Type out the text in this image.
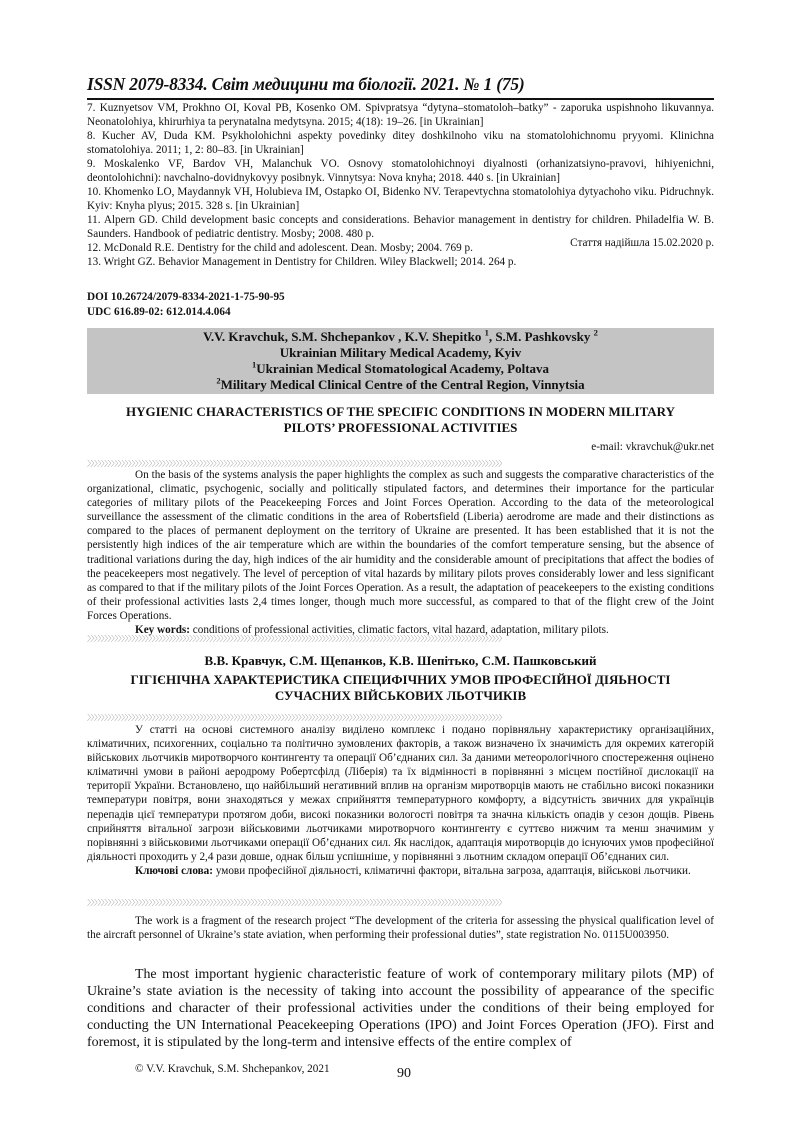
ISSN 2079-8334. Світ медицини та біології. 2021. № 1 (75)

7. Kuznyetsov VM, Prokhno OI, Koval PB, Kosenko OM. Spivpratsya “dytyna–stomatoloh–batky” - zaporuka uspishnoho likuvannya. Neonatolohiya, khirurhiya ta perynatalna medytsyna. 2015; 4(18): 19–26. [in Ukrainian]

8. Kucher AV, Duda KM. Psykholohichni aspekty povedinky ditey doshkilnoho viku na stomatolohichnomu pryyomi. Klinichna stomatolohiya. 2011; 1, 2: 80–83. [in Ukrainian]

9. Moskalenko VF, Bardov VH, Malanchuk VO. Osnovy stomatolohichnoyi diyalnosti (orhanizatsiyno-pravovi, hihiyenichni, deontolohichni): navchalno-dovidnykovyy posibnyk. Vinnytsya: Nova knyha; 2018. 440 s. [in Ukrainian]

10. Khomenko LO, Maydannyk VH, Holubieva IM, Ostapko OI, Bidenko NV. Terapevtychna stomatolohiya dytyachoho viku. Pidruchnyk. Kyiv: Knyha plyus; 2015. 328 s. [in Ukrainian]

11. Alpern GD. Child development basic concepts and considerations. Behavior management in dentistry for children. Philadelfia W. B. Saunders. Handbook of pediatric dentistry. Mosby; 2008. 480 p.

12. McDonald R.E. Dentistry for the child and adolescent. Dean. Mosby; 2004. 769 p.

13. Wright GZ. Behavior Management in Dentistry for Children. Wiley Blackwell; 2014. 264 p.

Стаття надійшла 15.02.2020 р.
DOI 10.26724/2079-8334-2021-1-75-90-95
UDC 616.89-02: 612.014.4.064
V.V. Kravchuk, S.M. Shchepankov , K.V. Shepitko $^1$, S.M. Pashkovsky $^2$
Ukrainian Military Medical Academy, Kyiv
$^1$Ukrainian Medical Stomatological Academy, Poltava
$^2$Military Medical Clinical Centre of the Central Region, Vinnytsia
HYGIENIC CHARACTERISTICS OF THE SPECIFIC CONDITIONS IN MODERN MILITARY
PILOTS’ PROFESSIONAL ACTIVITIES
e-mail: vkravchuk@ukr.net
〉〉〉〉〉〉〉〉〉〉〉〉〉〉〉〉〉〉〉〉〉〉〉〉〉〉〉〉〉〉〉〉〉〉〉〉〉〉〉〉〉〉〉〉〉〉〉〉〉〉〉〉〉〉〉〉〉〉〉〉〉〉〉〉〉〉〉〉〉〉〉〉〉〉〉〉〉〉〉〉〉〉〉〉〉〉〉〉〉〉〉〉〉〉〉〉〉〉〉〉〉〉〉〉〉〉〉〉〉〉〉〉〉〉〉〉〉〉〉〉〉〉

On the basis of the systems analysis the paper highlights the complex as such and suggests the comparative characteristics of the organizational, climatic, psychogenic, socially and politically stipulated factors, and determines their importance for the particular categories of military pilots of the Peacekeeping Forces and Joint Forces Operation. According to the data of the meteorological surveillance the assessment of the climatic conditions in the area of Robertsfield (Liberia) aerodrome are made and their distinctions as compared to the places of permanent deployment on the territory of Ukraine are presented. It has been established that it is not the persistently high indices of the air temperature which are within the boundaries of the comfort temperature sensing, but the absence of traditional variations during the day, high indices of the air humidity and the considerable amount of precipitations that affect the bodies of the peacekeepers most negatively. The level of perception of vital hazards by military pilots proves considerably lower and less significant as compared to that if the military pilots of the Joint Forces Operation. As a result, the adaptation of peacekeepers to the existing conditions of their professional activities lasts 2,4 times longer, though much more successful, as compared to that of the flight crew of the Joint Forces Operations.

Key words: conditions of professional activities, climatic factors, vital hazard, adaptation, military pilots.

〉〉〉〉〉〉〉〉〉〉〉〉〉〉〉〉〉〉〉〉〉〉〉〉〉〉〉〉〉〉〉〉〉〉〉〉〉〉〉〉〉〉〉〉〉〉〉〉〉〉〉〉〉〉〉〉〉〉〉〉〉〉〉〉〉〉〉〉〉〉〉〉〉〉〉〉〉〉〉〉〉〉〉〉〉〉〉〉〉〉〉〉〉〉〉〉〉〉〉〉〉〉〉〉〉〉〉〉〉〉〉〉〉〉〉〉〉〉〉〉〉〉
В.В. Кравчук, С.М. Щепанков, К.В. Шепітько, С.М. Пашковський
ГІГІЄНІЧНА ХАРАКТЕРИСТИКА СПЕЦИФІЧНИХ УМОВ ПРОФЕСІЙНОЇ ДІЯЬНОСТІ
СУЧАСНИХ ВІЙСЬКОВИХ ЛЬОТЧИКІВ
〉〉〉〉〉〉〉〉〉〉〉〉〉〉〉〉〉〉〉〉〉〉〉〉〉〉〉〉〉〉〉〉〉〉〉〉〉〉〉〉〉〉〉〉〉〉〉〉〉〉〉〉〉〉〉〉〉〉〉〉〉〉〉〉〉〉〉〉〉〉〉〉〉〉〉〉〉〉〉〉〉〉〉〉〉〉〉〉〉〉〉〉〉〉〉〉〉〉〉〉〉〉〉〉〉〉〉〉〉〉〉〉〉〉〉〉〉〉〉〉〉〉

У статті на основі системного аналізу виділено комплекс і подано порівняльну характеристику організаційних, кліматичних, психогенних, соціально та політично зумовлених факторів, а також визначено їх значимість для окремих категорій військових льотчиків миротворчого контингенту та операції Об’єднаних сил. За даними метеорологічного спостереження оцінено кліматичні умови в районі аеродрому Робертсфілд (Ліберія) та їх відмінності в порівнянні з місцем постійної дислокації на території України. Встановлено, що найбільший негативний вплив на організм миротворців мають не стабільно високі показники температури повітря, вони знаходяться у межах сприйняття температурного комфорту, а відсутність звичних для українців перепадів цієї температури протягом доби, високі показники вологості повітря та значна кількість опадів у сезон дощів. Рівень сприйняття вітальної загрози військовими льотчиками миротворчого контингенту є суттєво нижчим та менш значимим у порівнянні з військовими льотчиками операції Об’єднаних сил. Як наслідок, адаптація миротворців до існуючих умов професійної діяльності проходить у 2,4 рази довше, однак більш успішніше, у порівнянні з льотним складом операції Об’єднаних сил.

Ключові слова: умови професійної діяльності, кліматичні фактори, вітальна загроза, адаптація, військові льотчики.

〉〉〉〉〉〉〉〉〉〉〉〉〉〉〉〉〉〉〉〉〉〉〉〉〉〉〉〉〉〉〉〉〉〉〉〉〉〉〉〉〉〉〉〉〉〉〉〉〉〉〉〉〉〉〉〉〉〉〉〉〉〉〉〉〉〉〉〉〉〉〉〉〉〉〉〉〉〉〉〉〉〉〉〉〉〉〉〉〉〉〉〉〉〉〉〉〉〉〉〉〉〉〉〉〉〉〉〉〉〉〉〉〉〉〉〉〉〉〉〉〉〉

The work is a fragment of the research project “The development of the criteria for assessing the physical qualification level of the aircraft personnel of Ukraine’s state aviation, when performing their professional duties”, state registration No. 0115U003950.

The most important hygienic characteristic feature of work of contemporary military pilots (MP) of Ukraine’s state aviation is the necessity of taking into account the possibility of appearance of the specific conditions and character of their professional activities under the conditions of their being employed for conducting the UN International Peacekeeping Operations (IPO) and Joint Forces Operation (JFO). First and foremost, it is stipulated by the long-term and intensive effects of the entire complex of

© V.V. Kravchuk, S.M. Shchepankov, 2021	90
